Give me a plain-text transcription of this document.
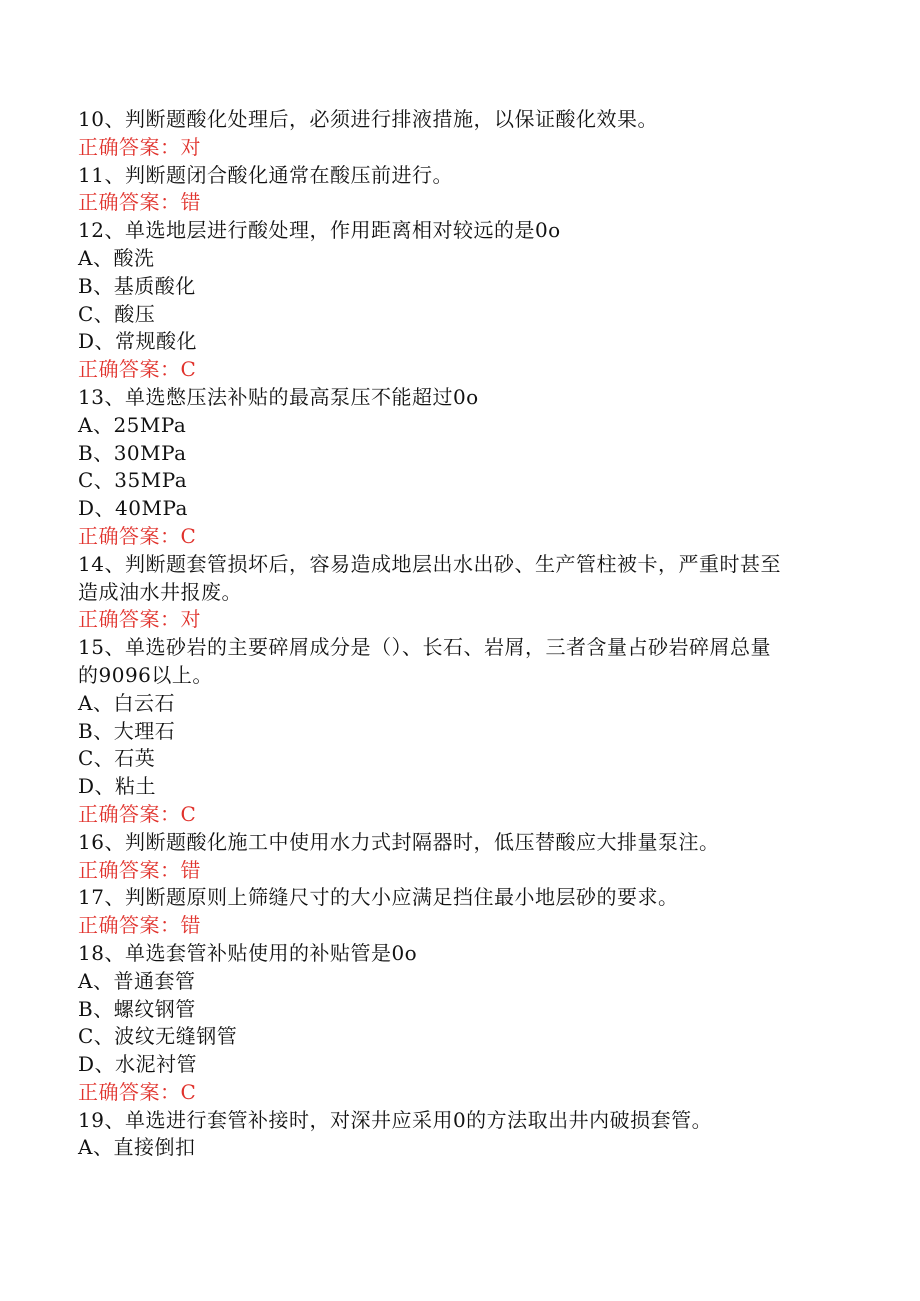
10、判断题酸化处理后，必须进行排液措施，以保证酸化效果。
正确答案：对
11、判断题闭合酸化通常在酸压前进行。
正确答案：错
12、单选地层进行酸处理，作用距离相对较远的是0o
A、酸洗
B、基质酸化
C、酸压
D、常规酸化
正确答案：C
13、单选憋压法补贴的最高泵压不能超过0o
A、25MPa
B、30MPa
C、35MPa
D、40MPa
正确答案：C
14、判断题套管损坏后，容易造成地层出水出砂、生产管柱被卡，严重时甚至
造成油水井报废。
正确答案：对
15、单选砂岩的主要碎屑成分是（）、长石、岩屑，三者含量占砂岩碎屑总量
的9096以上。
A、白云石
B、大理石
C、石英
D、粘土
正确答案：C
16、判断题酸化施工中使用水力式封隔器时，低压替酸应大排量泵注。
正确答案：错
17、判断题原则上筛缝尺寸的大小应满足挡住最小地层砂的要求。
正确答案：错
18、单选套管补贴使用的补贴管是0o
A、普通套管
B、螺纹钢管
C、波纹无缝钢管
D、水泥衬管
正确答案：C
19、单选进行套管补接时，对深井应采用0的方法取出井内破损套管。
A、直接倒扣
